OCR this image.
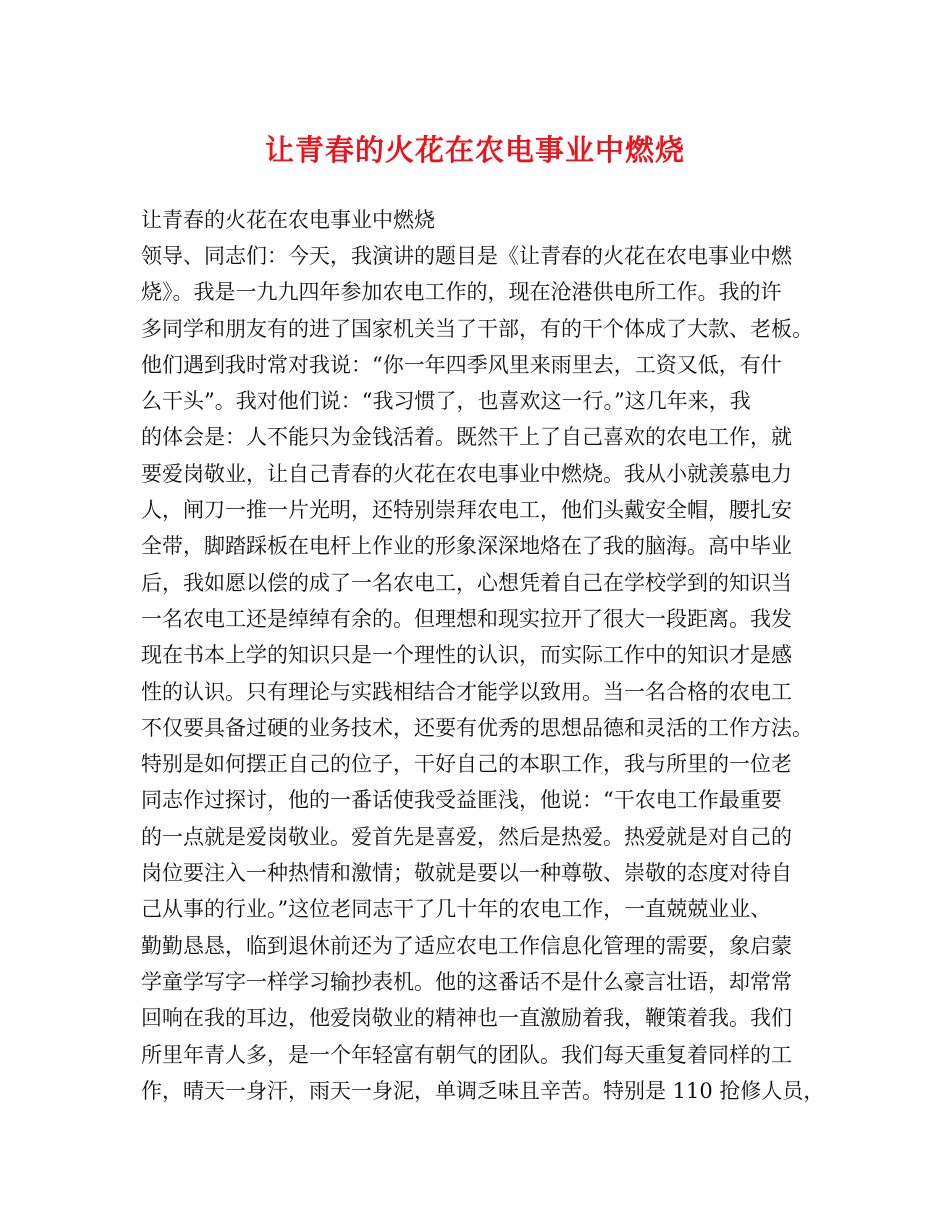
让青春的火花在农电事业中燃烧
让青春的火花在农电事业中燃烧
领导、同志们：今天，我演讲的题目是《让青春的火花在农电事业中燃
烧》。我是一九九四年参加农电工作的，现在沧港供电所工作。我的许
多同学和朋友有的进了国家机关当了干部，有的干个体成了大款、老板。
他们遇到我时常对我说：“你一年四季风里来雨里去，工资又低，有什
么干头”。我对他们说：“我习惯了，也喜欢这一行。”这几年来，我
的体会是：人不能只为金钱活着。既然干上了自己喜欢的农电工作，就
要爱岗敬业，让自己青春的火花在农电事业中燃烧。我从小就羡慕电力
人，闸刀一推一片光明，还特别崇拜农电工，他们头戴安全帽，腰扎安
全带，脚踏踩板在电杆上作业的形象深深地烙在了我的脑海。高中毕业
后，我如愿以偿的成了一名农电工，心想凭着自己在学校学到的知识当
一名农电工还是绰绰有余的。但理想和现实拉开了很大一段距离。我发
现在书本上学的知识只是一个理性的认识，而实际工作中的知识才是感
性的认识。只有理论与实践相结合才能学以致用。当一名合格的农电工
不仅要具备过硬的业务技术，还要有优秀的思想品德和灵活的工作方法。
特别是如何摆正自己的位子，干好自己的本职工作，我与所里的一位老
同志作过探讨，他的一番话使我受益匪浅，他说：“干农电工作最重要
的一点就是爱岗敬业。爱首先是喜爱，然后是热爱。热爱就是对自己的
岗位要注入一种热情和激情；敬就是要以一种尊敬、崇敬的态度对待自
己从事的行业。”这位老同志干了几十年的农电工作，一直兢兢业业、
勤勤恳恳，临到退休前还为了适应农电工作信息化管理的需要，象启蒙
学童学写字一样学习输抄表机。他的这番话不是什么豪言壮语，却常常
回响在我的耳边，他爱岗敬业的精神也一直激励着我，鞭策着我。我们
所里年青人多，是一个年轻富有朝气的团队。我们每天重复着同样的工
作，晴天一身汗，雨天一身泥，单调乏味且辛苦。特别是 110 抢修人员，
